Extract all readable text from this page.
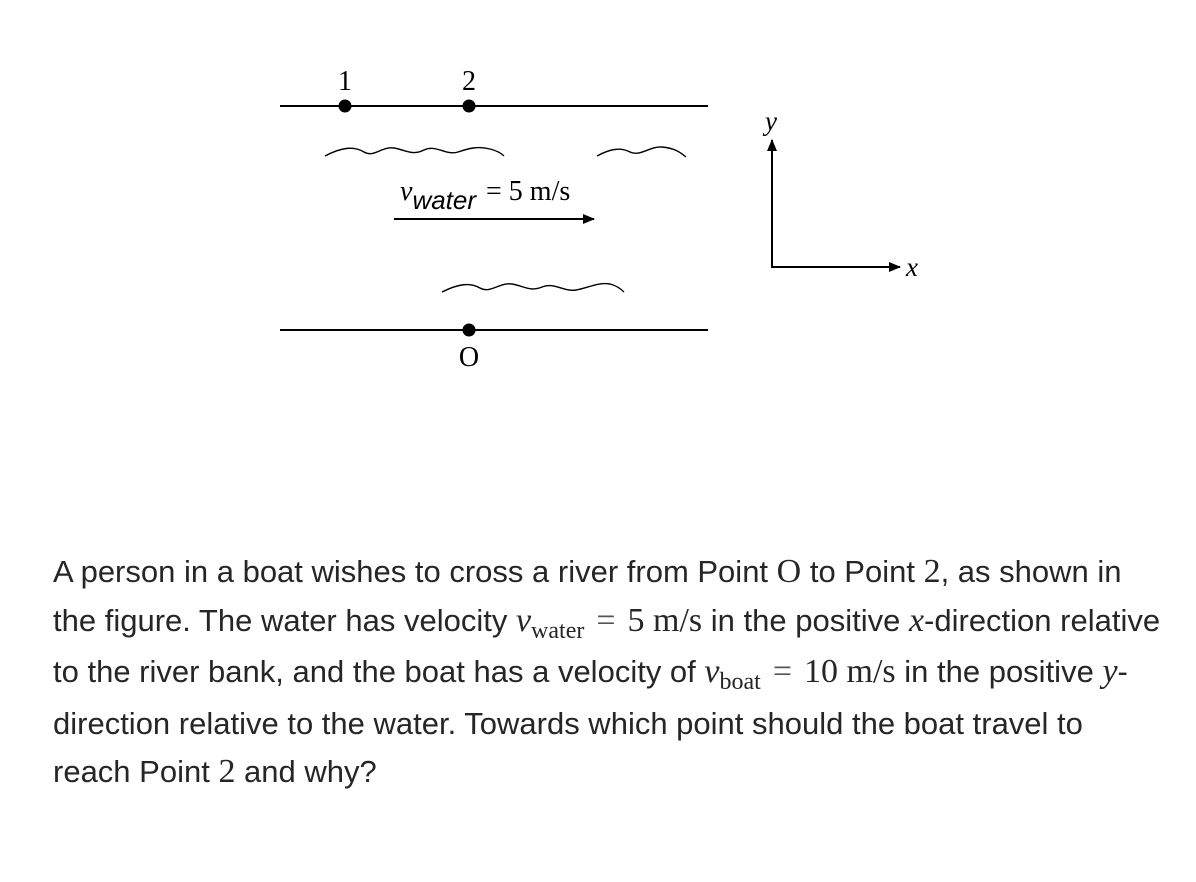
1	2
vwater = 5 m/s
O
y
x
A person in a boat wishes to cross a river from Point O to Point 2, as shown in the figure. The water has velocity $v_{water} = 5$ m/s in the positive x-direction relative to the river bank, and the boat has a velocity of $v_{boat} = 10$ m/s in the positive y-direction relative to the water. Towards which point should the boat travel to reach Point 2 and why?
